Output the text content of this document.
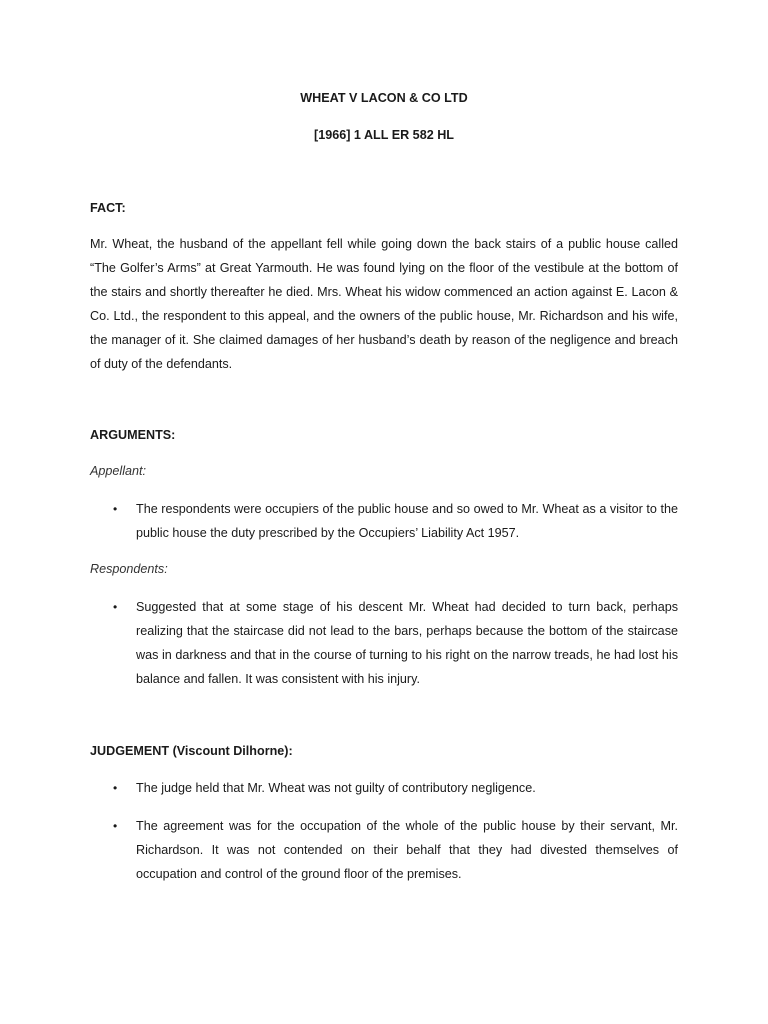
WHEAT V LACON & CO LTD
[1966] 1 ALL ER 582 HL
FACT:
Mr. Wheat, the husband of the appellant fell while going down the back stairs of a public house called “The Golfer’s Arms” at Great Yarmouth. He was found lying on the floor of the vestibule at the bottom of the stairs and shortly thereafter he died. Mrs. Wheat his widow commenced an action against E. Lacon & Co. Ltd., the respondent to this appeal, and the owners of the public house, Mr. Richardson and his wife, the manager of it. She claimed damages of her husband’s death by reason of the negligence and breach of duty of the defendants.
ARGUMENTS:
Appellant:
• The respondents were occupiers of the public house and so owed to Mr. Wheat as a visitor to the public house the duty prescribed by the Occupiers’ Liability Act 1957.
Respondents:
• Suggested that at some stage of his descent Mr. Wheat had decided to turn back, perhaps realizing that the staircase did not lead to the bars, perhaps because the bottom of the staircase was in darkness and that in the course of turning to his right on the narrow treads, he had lost his balance and fallen. It was consistent with his injury.
JUDGEMENT (Viscount Dilhorne):
• The judge held that Mr. Wheat was not guilty of contributory negligence.
• The agreement was for the occupation of the whole of the public house by their servant, Mr. Richardson. It was not contended on their behalf that they had divested themselves of occupation and control of the ground floor of the premises.
